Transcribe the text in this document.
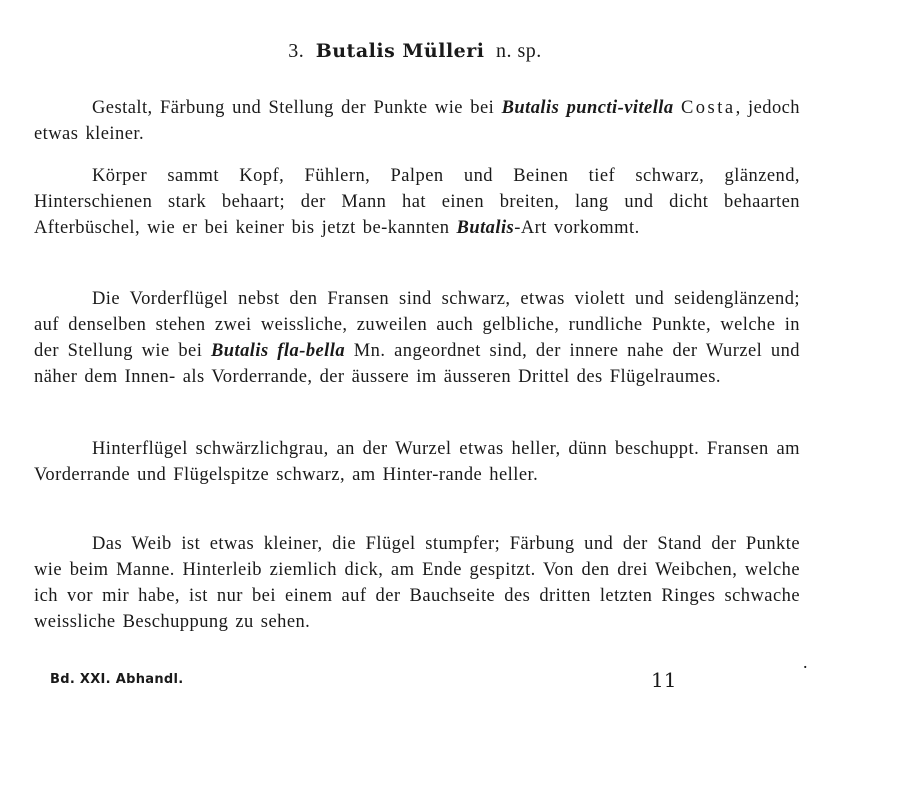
3. Butalis Mülleri n. sp.

Gestalt, Färbung und Stellung der Punkte wie bei Butalis puncti-vitella Costa, jedoch etwas kleiner.

Körper sammt Kopf, Fühlern, Palpen und Beinen tief schwarz, glänzend, Hinterschienen stark behaart; der Mann hat einen breiten, lang und dicht behaarten Afterbüschel, wie er bei keiner bis jetzt be-kannten Butalis-Art vorkommt.

Die Vorderflügel nebst den Fransen sind schwarz, etwas violett und seidenglänzend; auf denselben stehen zwei weissliche, zuweilen auch gelbliche, rundliche Punkte, welche in der Stellung wie bei Butalis fla-bella Mn. angeordnet sind, der innere nahe der Wurzel und näher dem Innen- als Vorderrande, der äussere im äusseren Drittel des Flügelraumes.

Hinterflügel schwärzlichgrau, an der Wurzel etwas heller, dünn beschuppt. Fransen am Vorderrande und Flügelspitze schwarz, am Hinter-rande heller.

Das Weib ist etwas kleiner, die Flügel stumpfer; Färbung und der Stand der Punkte wie beim Manne. Hinterleib ziemlich dick, am Ende gespitzt. Von den drei Weibchen, welche ich vor mir habe, ist nur bei einem auf der Bauchseite des dritten letzten Ringes schwache weissliche Beschuppung zu sehen.

Bd. XXI. Abhandl.	11
.
